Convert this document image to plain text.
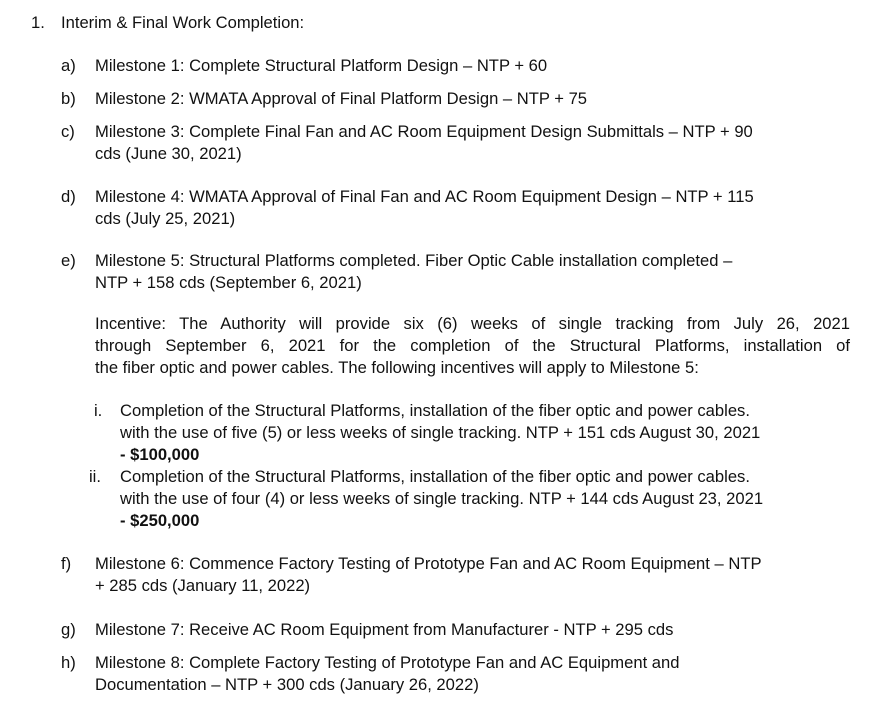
1. Interim & Final Work Completion:
a) Milestone 1: Complete Structural Platform Design – NTP + 60
b) Milestone 2: WMATA Approval of Final Platform Design – NTP + 75
c) Milestone 3: Complete Final Fan and AC Room Equipment Design Submittals – NTP + 90
cds (June 30, 2021)
d) Milestone 4: WMATA Approval of Final Fan and AC Room Equipment Design – NTP + 115
cds (July 25, 2021)
e) Milestone 5: Structural Platforms completed. Fiber Optic Cable installation completed –
NTP + 158 cds (September 6, 2021)
Incentive: The Authority will provide six (6) weeks of single tracking from July 26, 2021
through September 6, 2021 for the completion of the Structural Platforms, installation of
the fiber optic and power cables. The following incentives will apply to Milestone 5:
i. Completion of the Structural Platforms, installation of the fiber optic and power cables.
with the use of five (5) or less weeks of single tracking. NTP + 151 cds August 30, 2021
- $100,000
ii. Completion of the Structural Platforms, installation of the fiber optic and power cables.
with the use of four (4) or less weeks of single tracking. NTP + 144 cds August 23, 2021
- $250,000
f) Milestone 6: Commence Factory Testing of Prototype Fan and AC Room Equipment – NTP
+ 285 cds (January 11, 2022)
g) Milestone 7: Receive AC Room Equipment from Manufacturer - NTP + 295 cds
h) Milestone 8: Complete Factory Testing of Prototype Fan and AC Equipment and
Documentation – NTP + 300 cds (January 26, 2022)
